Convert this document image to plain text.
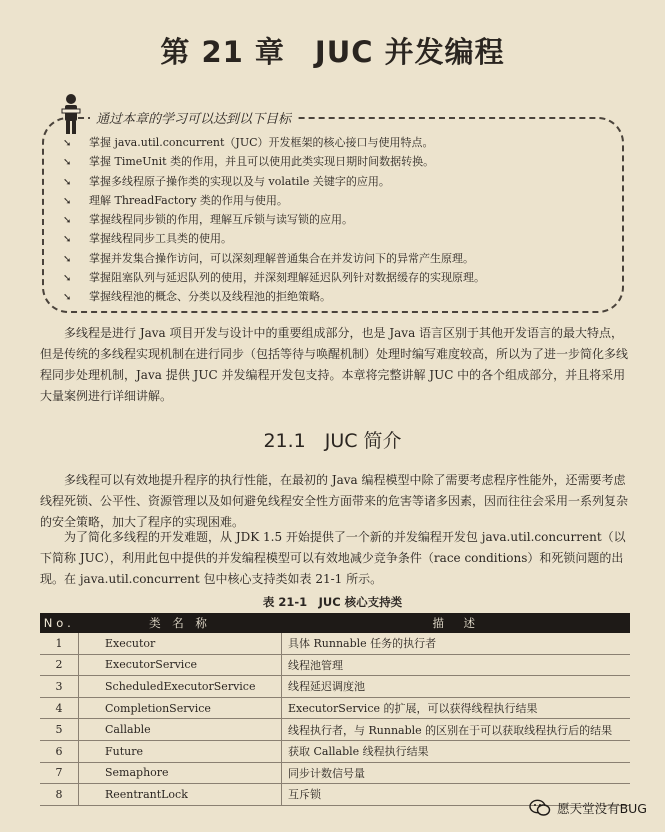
第 21 章　JUC 并发编程
通过本章的学习可以达到以下目标
➘ 掌握 java.util.concurrent（JUC）开发框架的核心接口与使用特点。
➘ 掌握 TimeUnit 类的作用，并且可以使用此类实现日期时间数据转换。
➘ 掌握多线程原子操作类的实现以及与 volatile 关键字的应用。
➘ 理解 ThreadFactory 类的作用与使用。
➘ 掌握线程同步锁的作用，理解互斥锁与读写锁的应用。
➘ 掌握线程同步工具类的使用。
➘ 掌握并发集合操作访问，可以深刻理解普通集合在并发访问下的异常产生原理。
➘ 掌握阻塞队列与延迟队列的使用，并深刻理解延迟队列针对数据缓存的实现原理。
➘ 掌握线程池的概念、分类以及线程池的拒绝策略。

多线程是进行 Java 项目开发与设计中的重要组成部分，也是 Java 语言区别于其他开发语言的最大特点，但是传统的多线程实现机制在进行同步（包括等待与唤醒机制）处理时编写难度较高，所以为了进一步简化多线程同步处理机制，Java 提供 JUC 并发编程开发包支持。本章将完整讲解 JUC 中的各个组成部分，并且将采用大量案例进行详细讲解。

21.1　JUC 简介

多线程可以有效地提升程序的执行性能，在最初的 Java 编程模型中除了需要考虑程序性能外，还需要考虑线程死锁、公平性、资源管理以及如何避免线程安全性方面带来的危害等诸多因素，因而往往会采用一系列复杂的安全策略，加大了程序的实现困难。

为了简化多线程的开发难题，从 JDK 1.5 开始提供了一个新的并发编程开发包 java.util.concurrent（以下简称 JUC），利用此包中提供的并发编程模型可以有效地减少竞争条件（race conditions）和死锁问题的出现。在 java.util.concurrent 包中核心支持类如表 21-1 所示。

表 21-1　JUC 核心支持类
No.	类 名 称	描　述
1	Executor	具体 Runnable 任务的执行者
2	ExecutorService	线程池管理
3	ScheduledExecutorService	线程延迟调度池
4	CompletionService	ExecutorService 的扩展，可以获得线程执行结果
5	Callable	线程执行者，与 Runnable 的区别在于可以获取线程执行后的结果
6	Future	获取 Callable 线程执行结果
7	Semaphore	同步计数信号量
8	ReentrantLock	互斥锁
愿天堂没有BUG
